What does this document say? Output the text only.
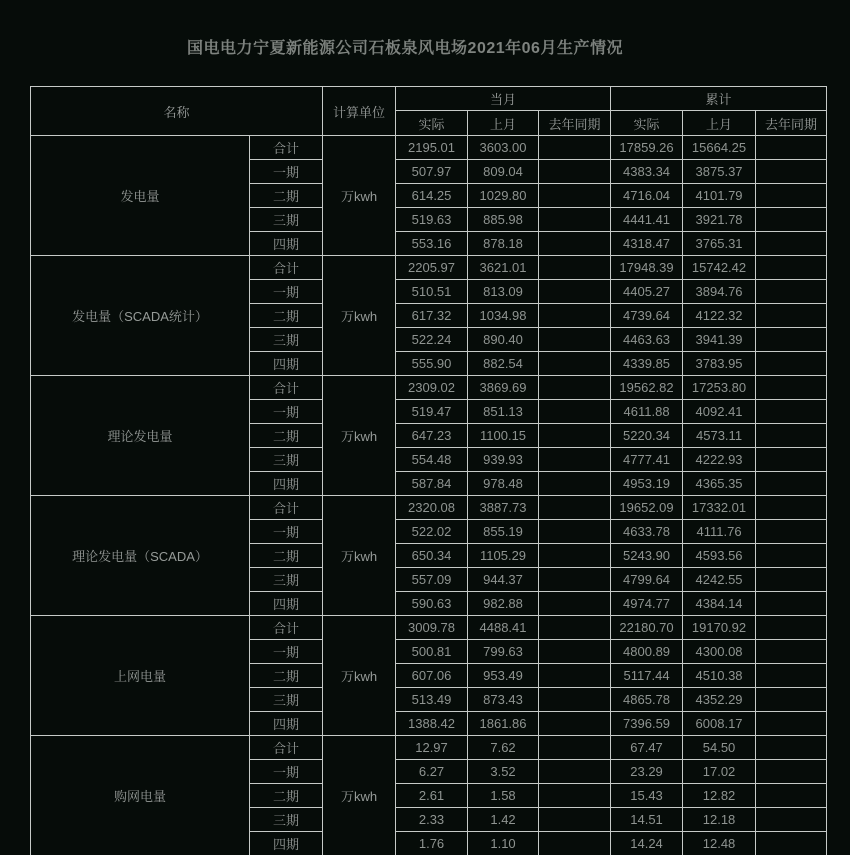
国电电力宁夏新能源公司石板泉风电场2021年06月生产情况
名称		计算单位	当月			累计		
			实际	上月	去年同期	实际	上月	去年同期
发电量	合计	万kwh	2195.01	3603.00		17859.26	15664.25	
	一期		507.97	809.04		4383.34	3875.37	
	二期		614.25	1029.80		4716.04	4101.79	
	三期		519.63	885.98		4441.41	3921.78	
	四期		553.16	878.18		4318.47	3765.31	
发电量（SCADA统计）	合计	万kwh	2205.97	3621.01		17948.39	15742.42	
	一期		510.51	813.09		4405.27	3894.76	
	二期		617.32	1034.98		4739.64	4122.32	
	三期		522.24	890.40		4463.63	3941.39	
	四期		555.90	882.54		4339.85	3783.95	
理论发电量	合计	万kwh	2309.02	3869.69		19562.82	17253.80	
	一期		519.47	851.13		4611.88	4092.41	
	二期		647.23	1100.15		5220.34	4573.11	
	三期		554.48	939.93		4777.41	4222.93	
	四期		587.84	978.48		4953.19	4365.35	
理论发电量（SCADA）	合计	万kwh	2320.08	3887.73		19652.09	17332.01	
	一期		522.02	855.19		4633.78	4111.76	
	二期		650.34	1105.29		5243.90	4593.56	
	三期		557.09	944.37		4799.64	4242.55	
	四期		590.63	982.88		4974.77	4384.14	
上网电量	合计	万kwh	3009.78	4488.41		22180.70	19170.92	
	一期		500.81	799.63		4800.89	4300.08	
	二期		607.06	953.49		5117.44	4510.38	
	三期		513.49	873.43		4865.78	4352.29	
	四期		1388.42	1861.86		7396.59	6008.17	
购网电量	合计	万kwh	12.97	7.62		67.47	54.50	
	一期		6.27	3.52		23.29	17.02	
	二期		2.61	1.58		15.43	12.82	
	三期		2.33	1.42		14.51	12.18	
	四期		1.76	1.10		14.24	12.48	
